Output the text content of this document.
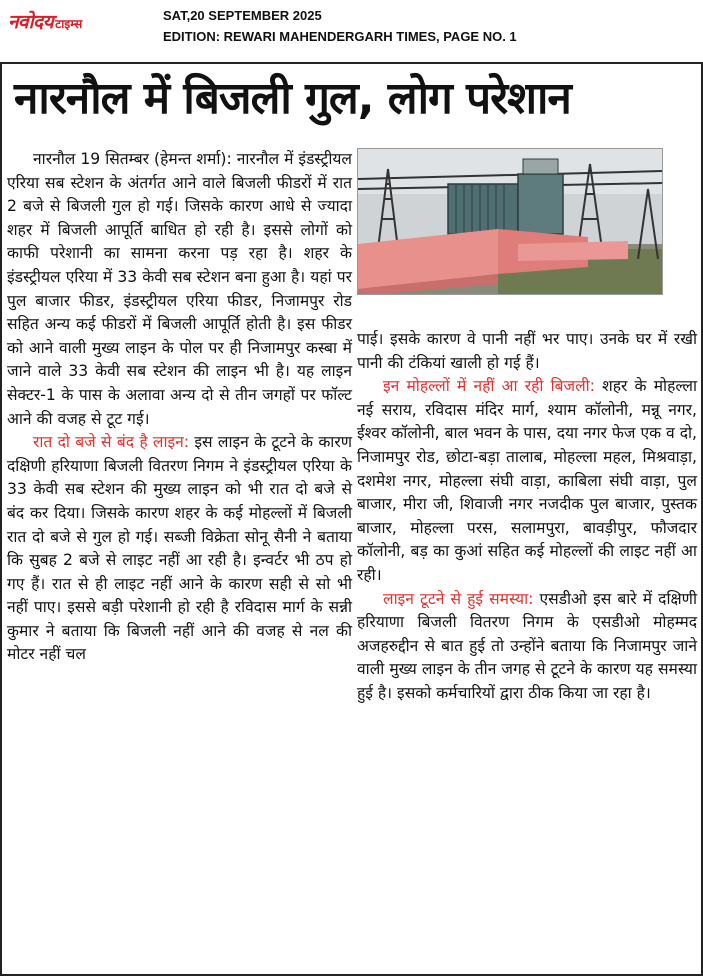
नवोदय टाइम्स
SAT,20 SEPTEMBER 2025
EDITION: REWARI MAHENDERGARH TIMES, PAGE NO. 1
नारनौल में बिजली गुल, लोग परेशान

नारनौल 19 सितम्बर (हेमन्त शर्मा): नारनौल में इंडस्ट्रीयल एरिया सब स्टेशन के अंतर्गत आने वाले बिजली फीडरों में रात 2 बजे से बिजली गुल हो गई। जिसके कारण आधे से ज्यादा शहर में बिजली आपूर्ति बाधित हो रही है। इससे लोगों को काफी परेशानी का सामना करना पड़ रहा है। शहर के इंडस्ट्रीयल एरिया में 33 केवी सब स्टेशन बना हुआ है। यहां पर पुल बाजार फीडर, इंडस्ट्रीयल एरिया फीडर, निजामपुर रोड सहित अन्य कई फीडरों में बिजली आपूर्ति होती है। इस फीडर को आने वाली मुख्य लाइन के पोल पर ही निजामपुर कस्बा में जाने वाले 33 केवी सब स्टेशन की लाइन भी है। यह लाइन सेक्टर-1 के पास के अलावा अन्य दो से तीन जगहों पर फॉल्ट आने की वजह से टूट गई।

रात दो बजे से बंद है लाइन: इस लाइन के टूटने के कारण दक्षिणी हरियाणा बिजली वितरण निगम ने इंडस्ट्रीयल एरिया के 33 केवी सब स्टेशन की मुख्य लाइन को भी रात दो बजे से बंद कर दिया। जिसके कारण शहर के कई मोहल्लों में बिजली रात दो बजे से गुल हो गई। सब्जी विक्रेता सोनू सैनी ने बताया कि सुबह 2 बजे से लाइट नहीं आ रही है। इन्वर्टर भी ठप हो गए हैं। रात से ही लाइट नहीं आने के कारण सही से सो भी नहीं पाए। इससे बड़ी परेशानी हो रही है रविदास मार्ग के सन्नी कुमार ने बताया कि बिजली नहीं आने की वजह से नल की मोटर नहीं चल

पाई। इसके कारण वे पानी नहीं भर पाए। उनके घर में रखी पानी की टंकियां खाली हो गई हैं।

इन मोहल्लों में नहीं आ रही बिजली: शहर के मोहल्ला नई सराय, रविदास मंदिर मार्ग, श्याम कॉलोनी, मन्नू नगर, ईश्वर कॉलोनी, बाल भवन के पास, दया नगर फेज एक व दो, निजामपुर रोड, छोटा-बड़ा तालाब, मोहल्ला महल, मिश्रवाड़ा, दशमेश नगर, मोहल्ला संघी वाड़ा, काबिला संघी वाड़ा, पुल बाजार, मीरा जी, शिवाजी नगर नजदीक पुल बाजार, पुस्तक बाजार, मोहल्ला परस, सलामपुरा, बावड़ीपुर, फौजदार कॉलोनी, बड़ का कुआं सहित कई मोहल्लों की लाइट नहीं आ रही।

लाइन टूटने से हुई समस्या: एसडीओ इस बारे में दक्षिणी हरियाणा बिजली वितरण निगम के एसडीओ मोहम्मद अजहरुद्दीन से बात हुई तो उन्होंने बताया कि निजामपुर जाने वाली मुख्य लाइन के तीन जगह से टूटने के कारण यह समस्या हुई है। इसको कर्मचारियों द्वारा ठीक किया जा रहा है।
